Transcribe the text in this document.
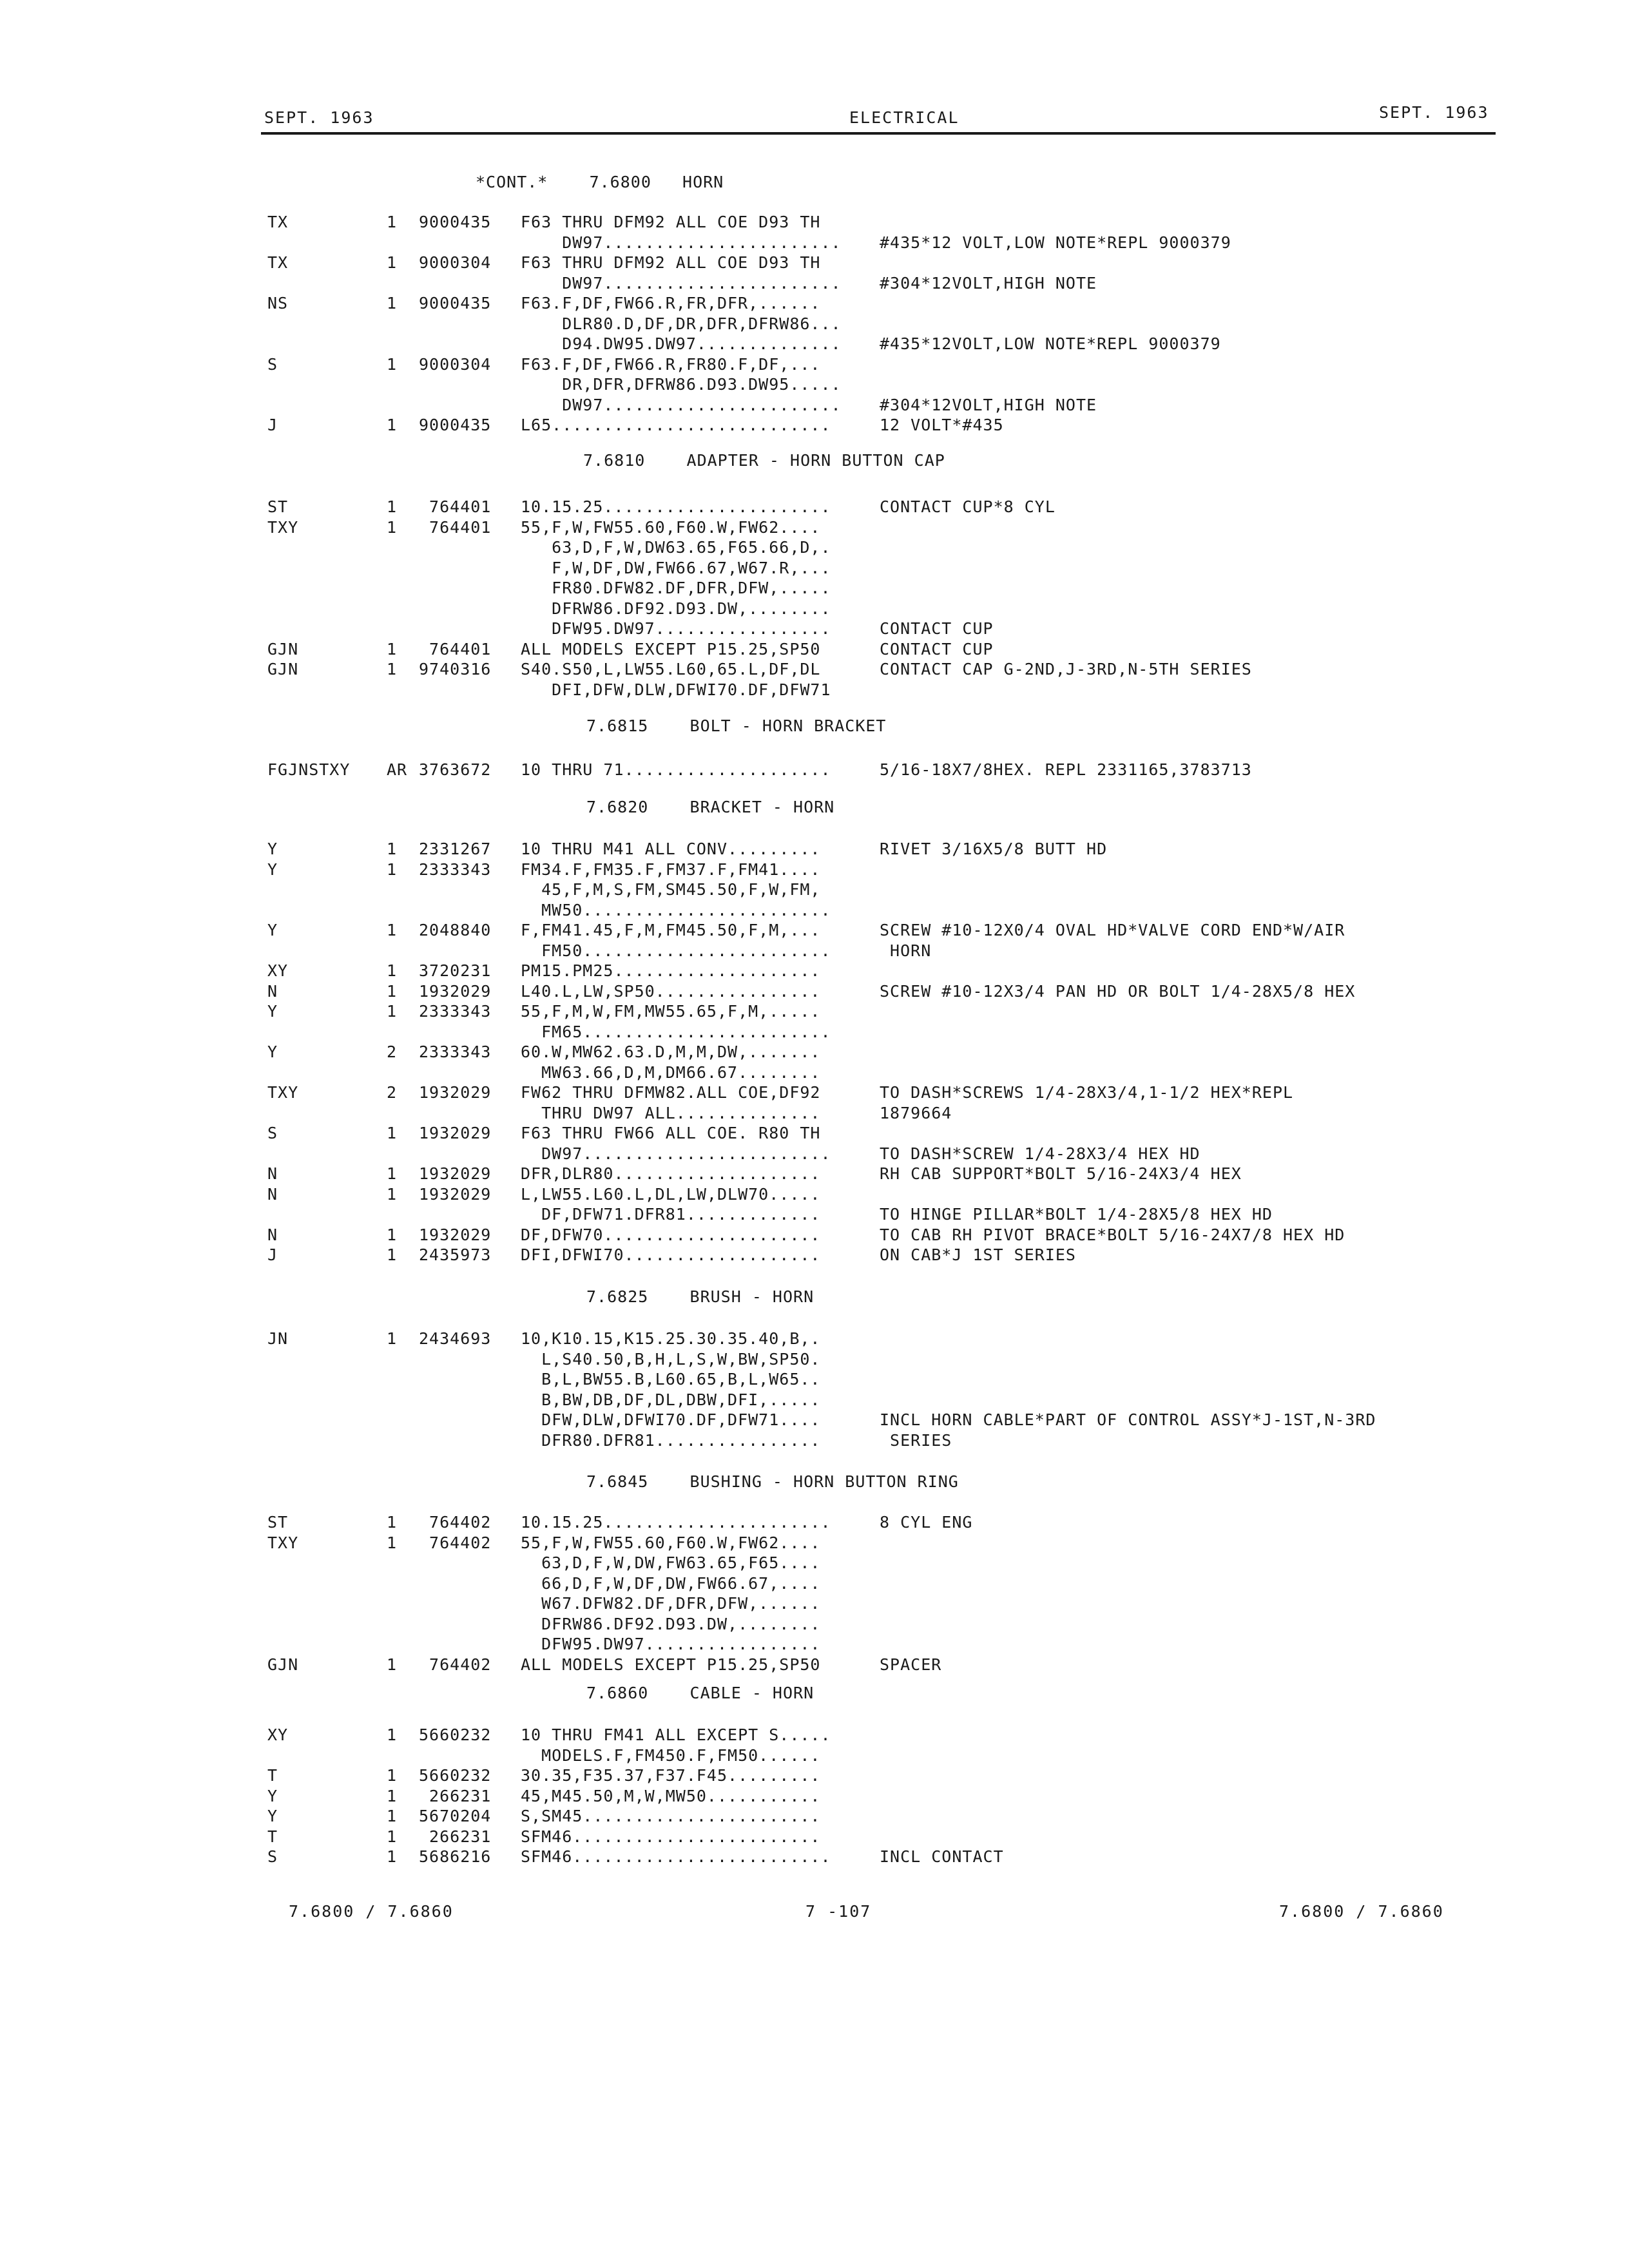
SEPT. 1963	ELECTRICAL	SEPT. 1963
*CONT.*    7.6800   HORN
TX	1 9000435 F63 THRU DFM92 ALL COE D93 TH
DW97....................... #435*12 VOLT,LOW NOTE*REPL 9000379
TX	1 9000304 F63 THRU DFM92 ALL COE D93 TH
DW97....................... #304*12VOLT,HIGH NOTE
NS	1 9000435 F63.F,DF,FW66.R,FR,DFR,......
DLR80.D,DF,DR,DFR,DFRW86...
D94.DW95.DW97.............. #435*12VOLT,LOW NOTE*REPL 9000379
S	1 9000304 F63.F,DF,FW66.R,FR80.F,DF,...
DR,DFR,DFRW86.D93.DW95.....
DW97....................... #304*12VOLT,HIGH NOTE
J	1 9000435 L65...........................	12 VOLT*#435
7.6810    ADAPTER - HORN BUTTON CAP
ST	1 764401 10.15.25......................	CONTACT CUP*8 CYL
TXY	1 764401 55,F,W,FW55.60,F60.W,FW62....
63,D,F,W,DW63.65,F65.66,D,.
F,W,DF,DW,FW66.67,W67.R,...
FR80.DFW82.DF,DFR,DFW,.....
DFRW86.DF92.D93.DW,........
DFW95.DW97.................	CONTACT CUP
GJN	1 764401 ALL MODELS EXCEPT P15.25,SP50	CONTACT CUP
GJN	1 9740316 S40.S50,L,LW55.L60,65.L,DF,DL	CONTACT CAP G-2ND,J-3RD,N-5TH SERIES
DFI,DFW,DLW,DFWI70.DF,DFW71
7.6815    BOLT - HORN BRACKET
FGJNSTXY AR 3763672 10 THRU 71....................	5/16-18X7/8HEX. REPL 2331165,3783713
7.6820    BRACKET - HORN
Y	1 2331267 10 THRU M41 ALL CONV.........	RIVET 3/16X5/8 BUTT HD
Y	1 2333343 FM34.F,FM35.F,FM37.F,FM41....
45,F,M,S,FM,SM45.50,F,W,FM,
MW50........................
Y	1 2048840 F,FM41.45,F,M,FM45.50,F,M,...	SCREW #10-12X0/4 OVAL HD*VALVE CORD END*W/AIR
FM50........................	HORN
XY	1 3720231 PM15.PM25....................
N	1 1932029 L40.L,LW,SP50................	SCREW #10-12X3/4 PAN HD OR BOLT 1/4-28X5/8 HEX
Y	1 2333343 55,F,M,W,FM,MW55.65,F,M,.....
FM65........................
Y	2 2333343 60.W,MW62.63.D,M,M,DW,.......
MW63.66,D,M,DM66.67........
TXY	2 1932029 FW62 THRU DFMW82.ALL COE,DF92	TO DASH*SCREWS 1/4-28X3/4,1-1/2 HEX*REPL
THRU DW97 ALL..............	1879664
S	1 1932029 F63 THRU FW66 ALL COE. R80 TH
DW97........................	TO DASH*SCREW 1/4-28X3/4 HEX HD
N	1 1932029 DFR,DLR80....................	RH CAB SUPPORT*BOLT 5/16-24X3/4 HEX
N	1 1932029 L,LW55.L60.L,DL,LW,DLW70.....
DF,DFW71.DFR81.............	TO HINGE PILLAR*BOLT 1/4-28X5/8 HEX HD
N	1 1932029 DF,DFW70.....................	TO CAB RH PIVOT BRACE*BOLT 5/16-24X7/8 HEX HD
J	1 2435973 DFI,DFWI70...................	ON CAB*J 1ST SERIES
7.6825    BRUSH - HORN
JN	1 2434693 10,K10.15,K15.25.30.35.40,B,.
L,S40.50,B,H,L,S,W,BW,SP50.
B,L,BW55.B,L60.65,B,L,W65..
B,BW,DB,DF,DL,DBW,DFI,.....
DFW,DLW,DFWI70.DF,DFW71....	INCL HORN CABLE*PART OF CONTROL ASSY*J-1ST,N-3RD
DFR80.DFR81................	SERIES
7.6845    BUSHING - HORN BUTTON RING
ST	1 764402 10.15.25......................	8 CYL ENG
TXY	1 764402 55,F,W,FW55.60,F60.W,FW62....
63,D,F,W,DW,FW63.65,F65....
66,D,F,W,DF,DW,FW66.67,....
W67.DFW82.DF,DFR,DFW,......
DFRW86.DF92.D93.DW,........
DFW95.DW97.................
GJN	1 764402 ALL MODELS EXCEPT P15.25,SP50	SPACER
7.6860    CABLE - HORN
XY	1 5660232 10 THRU FM41 ALL EXCEPT S.....
MODELS.F,FM450.F,FM50......
T	1 5660232 30.35,F35.37,F37.F45.........
Y	1 266231 45,M45.50,M,W,MW50...........
Y	1 5670204 S,SM45.......................
T	1 266231 SFM46........................
S	1 5686216 SFM46.........................	INCL CONTACT
7.6800 / 7.6860	7 -107	7.6800 / 7.6860
